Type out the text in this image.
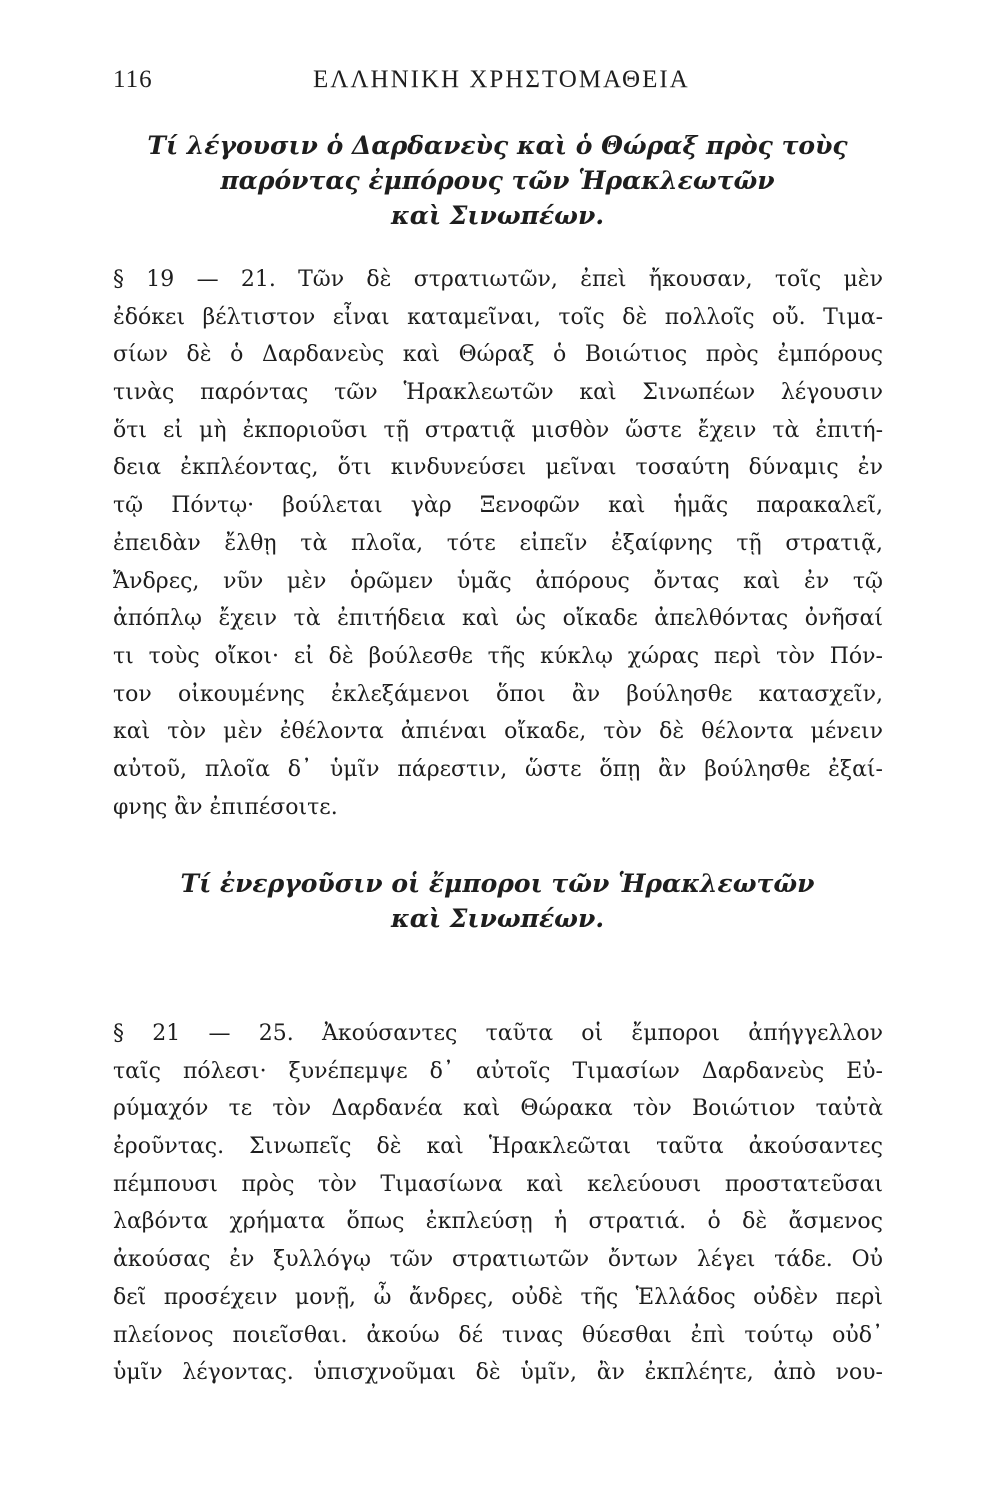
116	ΕΛΛΗΝΙΚΗ ΧΡΗΣΤΟΜΑΘΕΙΑ
Τί λέγουσιν ὁ Δαρδανεὺς καὶ ὁ Θώραξ πρὸς τοὺς
παρόντας ἐμπόρους τῶν Ἡρακλεωτῶν
καὶ Σινωπέων.
§ 19 — 21. Τῶν δὲ στρατιωτῶν, ἐπεὶ ἤκουσαν, τοῖς μὲν
ἐδόκει βέλτιστον εἶναι καταμεῖναι, τοῖς δὲ πολλοῖς οὔ. Τιμα-
σίων δὲ ὁ Δαρδανεὺς καὶ Θώραξ ὁ Βοιώτιος πρὸς ἐμπόρους
τινὰς παρόντας τῶν Ἡρακλεωτῶν καὶ Σινωπέων λέγουσιν
ὅτι εἰ μὴ ἐκποριοῦσι τῇ στρατιᾷ μισθὸν ὥστε ἔχειν τὰ ἐπιτή-
δεια ἐκπλέοντας, ὅτι κινδυνεύσει μεῖναι τοσαύτη δύναμις ἐν
τῷ Πόντῳ· βούλεται γὰρ Ξενοφῶν καὶ ἡμᾶς παρακαλεῖ,
ἐπειδὰν ἔλθῃ τὰ πλοῖα, τότε εἰπεῖν ἐξαίφνης τῇ στρατιᾷ,
Ἄνδρες, νῦν μὲν ὁρῶμεν ὑμᾶς ἀπόρους ὄντας καὶ ἐν τῷ
ἀπόπλῳ ἔχειν τὰ ἐπιτήδεια καὶ ὡς οἴκαδε ἀπελθόντας ὀνῆσαί
τι τοὺς οἴκοι· εἰ δὲ βούλεσθε τῆς κύκλῳ χώρας περὶ τὸν Πόν-
τον οἰκουμένης ἐκλεξάμενοι ὅποι ἂν βούλησθε κατασχεῖν,
καὶ τὸν μὲν ἐθέλοντα ἀπιέναι οἴκαδε, τὸν δὲ θέλοντα μένειν
αὐτοῦ, πλοῖα δ᾽ ὑμῖν πάρεστιν, ὥστε ὅπῃ ἂν βούλησθε ἐξαί-
φνης ἂν ἐπιπέσοιτε.
Τί ἐνεργοῦσιν οἱ ἔμποροι τῶν Ἡρακλεωτῶν
καὶ Σινωπέων.
§ 21 — 25. Ἀκούσαντες ταῦτα οἱ ἔμποροι ἀπήγγελλον
ταῖς πόλεσι· ξυνέπεμψε δ᾽ αὐτοῖς Τιμασίων Δαρδανεὺς Εὐ-
ρύμαχόν τε τὸν Δαρδανέα καὶ Θώρακα τὸν Βοιώτιον ταὐτὰ
ἐροῦντας. Σινωπεῖς δὲ καὶ Ἡρακλεῶται ταῦτα ἀκούσαντες
πέμπουσι πρὸς τὸν Τιμασίωνα καὶ κελεύουσι προστατεῦσαι
λαβόντα χρήματα ὅπως ἐκπλεύσῃ ἡ στρατιά. ὁ δὲ ἄσμενος
ἀκούσας ἐν ξυλλόγῳ τῶν στρατιωτῶν ὄντων λέγει τάδε. Οὐ
δεῖ προσέχειν μονῇ, ὦ ἄνδρες, οὐδὲ τῆς Ἑλλάδος οὐδὲν περὶ
πλείονος ποιεῖσθαι. ἀκούω δέ τινας θύεσθαι ἐπὶ τούτῳ οὐδ᾽
ὑμῖν λέγοντας. ὑπισχνοῦμαι δὲ ὑμῖν, ἂν ἐκπλέητε, ἀπὸ νου-
